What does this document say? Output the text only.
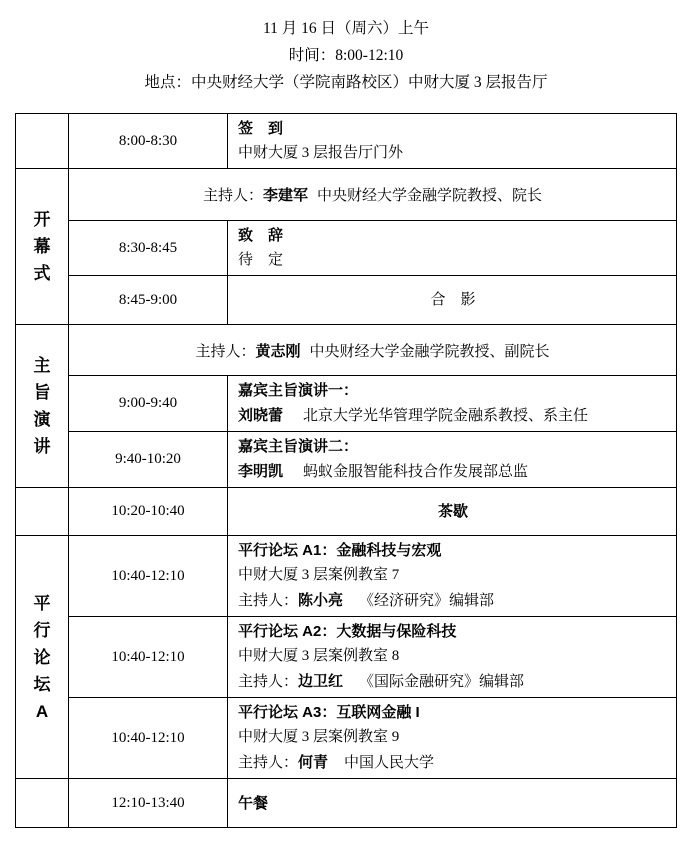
11 月 16 日（周六）上午
时间：8:00-12:10
地点：中央财经大学（学院南路校区）中财大厦 3 层报告厅
	8:00-8:30	签　到
中财大厦 3 层报告厅门外

开幕式	主持人：李建军 中央财经大学金融学院教授、院长	
	8:30-8:45	致　辞
待　定

	8:45-9:00	合　影
主旨演讲	主持人：黄志刚 中央财经大学金融学院教授、副院长	
	9:00-9:40	嘉宾主旨演讲一：
刘晓蕾 北京大学光华管理学院金融系教授、系主任

	9:40-10:20	嘉宾主旨演讲二：
李明凯 蚂蚁金服智能科技合作发展部总监

	10:20-10:40	茶歇
平行论坛A	10:40-12:10	平行论坛 A1：金融科技与宏观
中财大厦 3 层案例教室 7
主持人：陈小亮 《经济研究》编辑部

	10:40-12:10	平行论坛 A2：大数据与保险科技
中财大厦 3 层案例教室 8
主持人：边卫红 《国际金融研究》编辑部

	10:40-12:10	平行论坛 A3：互联网金融 I
中财大厦 3 层案例教室 9
主持人：何青 中国人民大学

	12:10-13:40	午餐
